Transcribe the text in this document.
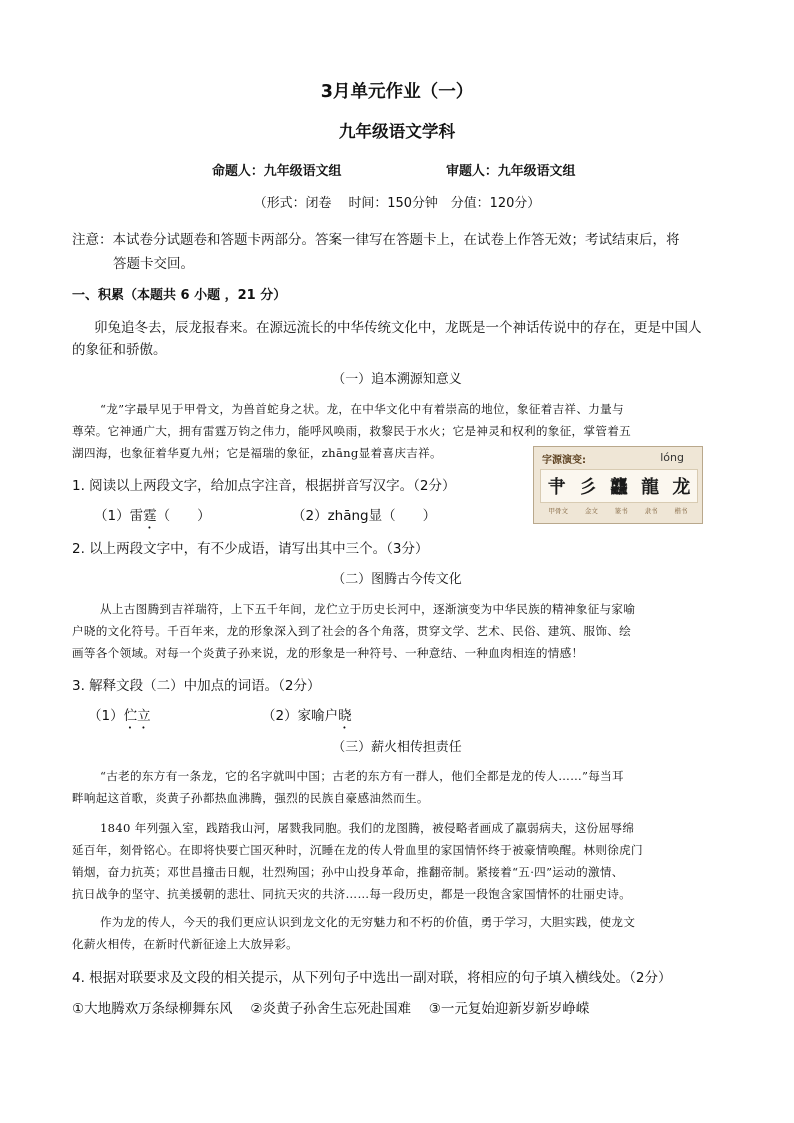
3月单元作业（一）
九年级语文学科
命题人：九年级语文组	审题人：九年级语文组
（形式：闭卷　 时间：150分钟　分值：120分）
注意：本试卷分试题卷和答题卡两部分。答案一律写在答题卡上，在试卷上作答无效；考试结束后，将
答题卡交回。
一、积累（本题共 6 小题 ，21 分）
卯兔追冬去，辰龙报春来。在源远流长的中华传统文化中，龙既是一个神话传说中的存在，更是中国人
的象征和骄傲。
（一）追本溯源知意义
“龙”字最早见于甲骨文，为兽首蛇身之状。龙，在中华文化中有着崇高的地位，象征着吉祥、力量与
尊荣。它神通广大，拥有雷霆万钧之伟力，能呼风唤雨，救黎民于水火；它是神灵和权利的象征，掌管着五
湖四海，也象征着华夏九州；它是福瑞的象征，zhāng显着喜庆吉祥。
字源演变:	lóng
⺺ 彡 龘 龍 龙
甲骨文	金文	篆书	隶书	楷书
1. 阅读以上两段文字，给加点字注音，根据拼音写汉字。（2分）
（1）雷霆（　　）	（2）zhāng显（　　）
2. 以上两段文字中，有不少成语，请写出其中三个。（3分）
（二）图腾古今传文化
从上古图腾到吉祥瑞符，上下五千年间，龙伫立于历史长河中，逐渐演变为中华民族的精神象征与家喻
户晓的文化符号。千百年来，龙的形象深入到了社会的各个角落，贯穿文学、艺术、民俗、建筑、服饰、绘
画等各个领域。对每一个炎黄子孙来说，龙的形象是一种符号、一种意结、一种血肉相连的情感！
3. 解释文段（二）中加点的词语。（2分）
（1）伫立	（2）家喻户晓
（三）薪火相传担责任
“古老的东方有一条龙，它的名字就叫中国；古老的东方有一群人，他们全都是龙的传人……”每当耳
畔响起这首歌，炎黄子孙都热血沸腾，强烈的民族自豪感油然而生。
1840 年列强入室，践踏我山河，屠戮我同胞。我们的龙图腾，被侵略者画成了羸弱病夫，这份屈辱绵
延百年，刻骨铭心。在即将快要亡国灭种时，沉睡在龙的传人骨血里的家国情怀终于被豪情唤醒。林则徐虎门
销烟，奋力抗英；邓世昌撞击日舰，壮烈殉国；孙中山投身革命，推翻帝制。紧接着“五·四”运动的激情、
抗日战争的坚守、抗美援朝的悲壮、同抗天灾的共济……每一段历史，都是一段饱含家国情怀的壮丽史诗。
作为龙的传人，今天的我们更应认识到龙文化的无穷魅力和不朽的价值，勇于学习，大胆实践，使龙文
化薪火相传，在新时代新征途上大放异彩。
4. 根据对联要求及文段的相关提示，从下列句子中选出一副对联，将相应的句子填入横线处。（2分）
①大地腾欢万条绿柳舞东风　 ②炎黄子孙舍生忘死赴国难　 ③一元复始迎新岁新岁峥嵘
